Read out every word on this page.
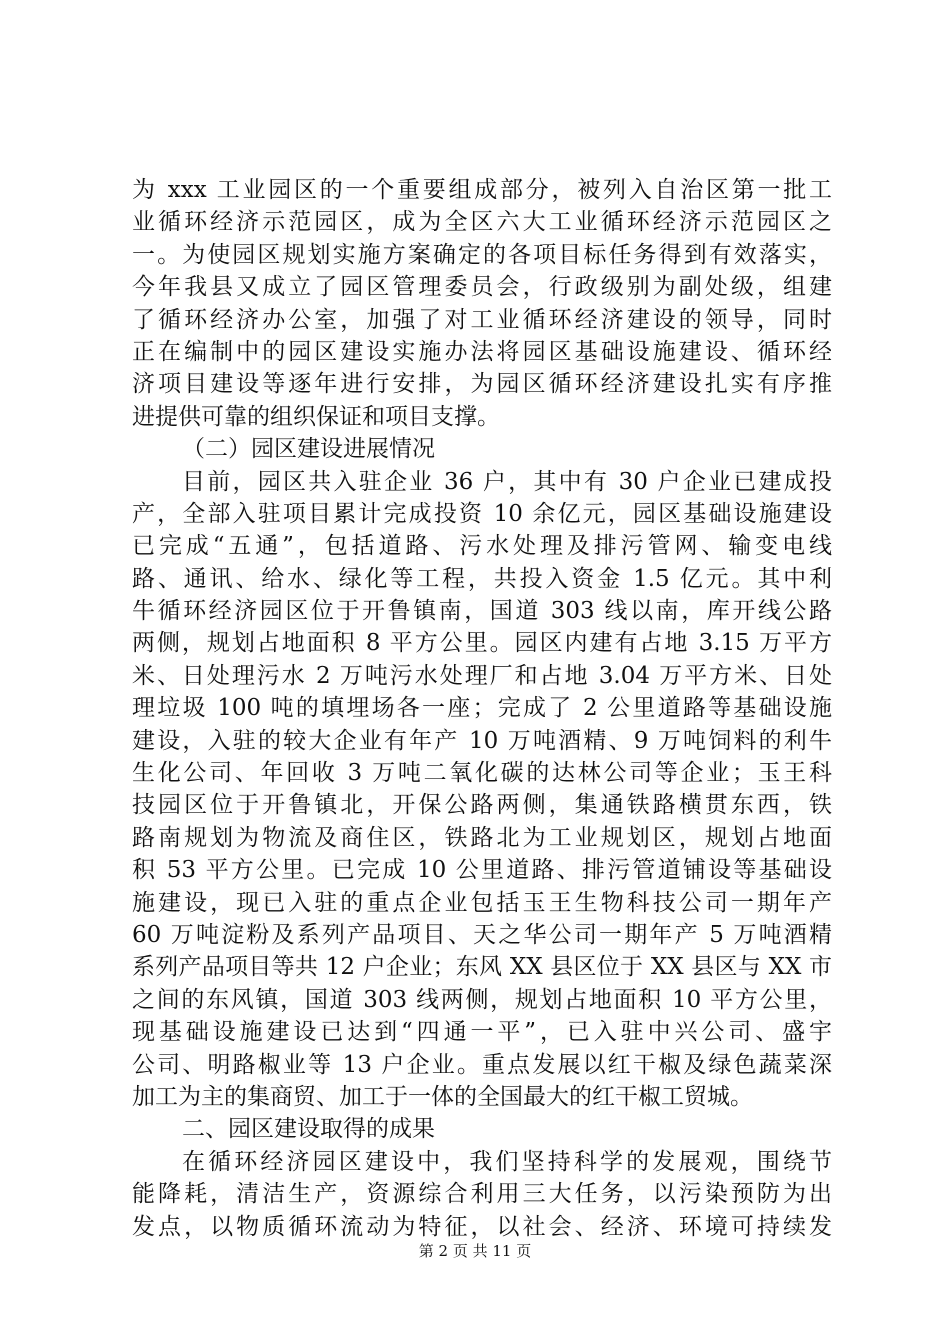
为 xxx 工业园区的一个重要组成部分，被列入自治区第一批工
业循环经济示范园区，成为全区六大工业循环经济示范园区之
一。为使园区规划实施方案确定的各项目标任务得到有效落实，
今年我县又成立了园区管理委员会，行政级别为副处级，组建
了循环经济办公室，加强了对工业循环经济建设的领导，同时
正在编制中的园区建设实施办法将园区基础设施建设、循环经
济项目建设等逐年进行安排，为园区循环经济建设扎实有序推
进提供可靠的组织保证和项目支撑。
（二）园区建设进展情况
目前，园区共入驻企业 36 户，其中有 30 户企业已建成投
产，全部入驻项目累计完成投资 10 余亿元，园区基础设施建设
已完成“五通”，包括道路、污水处理及排污管网、输变电线
路、通讯、给水、绿化等工程，共投入资金 1.5 亿元。其中利
牛循环经济园区位于开鲁镇南，国道 303 线以南，库开线公路
两侧，规划占地面积 8 平方公里。园区内建有占地 3.15 万平方
米、日处理污水 2 万吨污水处理厂和占地 3.04 万平方米、日处
理垃圾 100 吨的填埋场各一座；完成了 2 公里道路等基础设施
建设，入驻的较大企业有年产 10 万吨酒精、9 万吨饲料的利牛
生化公司、年回收 3 万吨二氧化碳的达林公司等企业；玉王科
技园区位于开鲁镇北，开保公路两侧，集通铁路横贯东西，铁
路南规划为物流及商住区，铁路北为工业规划区，规划占地面
积 53 平方公里。已完成 10 公里道路、排污管道铺设等基础设
施建设，现已入驻的重点企业包括玉王生物科技公司一期年产
60 万吨淀粉及系列产品项目、天之华公司一期年产 5 万吨酒精
系列产品项目等共 12 户企业；东风 XX 县区位于 XX 县区与 XX 市
之间的东风镇，国道 303 线两侧，规划占地面积 10 平方公里，
现基础设施建设已达到“四通一平”，已入驻中兴公司、盛宇
公司、明路椒业等 13 户企业。重点发展以红干椒及绿色蔬菜深
加工为主的集商贸、加工于一体的全国最大的红干椒工贸城。
二、园区建设取得的成果
在循环经济园区建设中，我们坚持科学的发展观，围绕节
能降耗，清洁生产，资源综合利用三大任务，以污染预防为出
发点，以物质循环流动为特征，以社会、经济、环境可持续发
第 2 页 共 11 页
